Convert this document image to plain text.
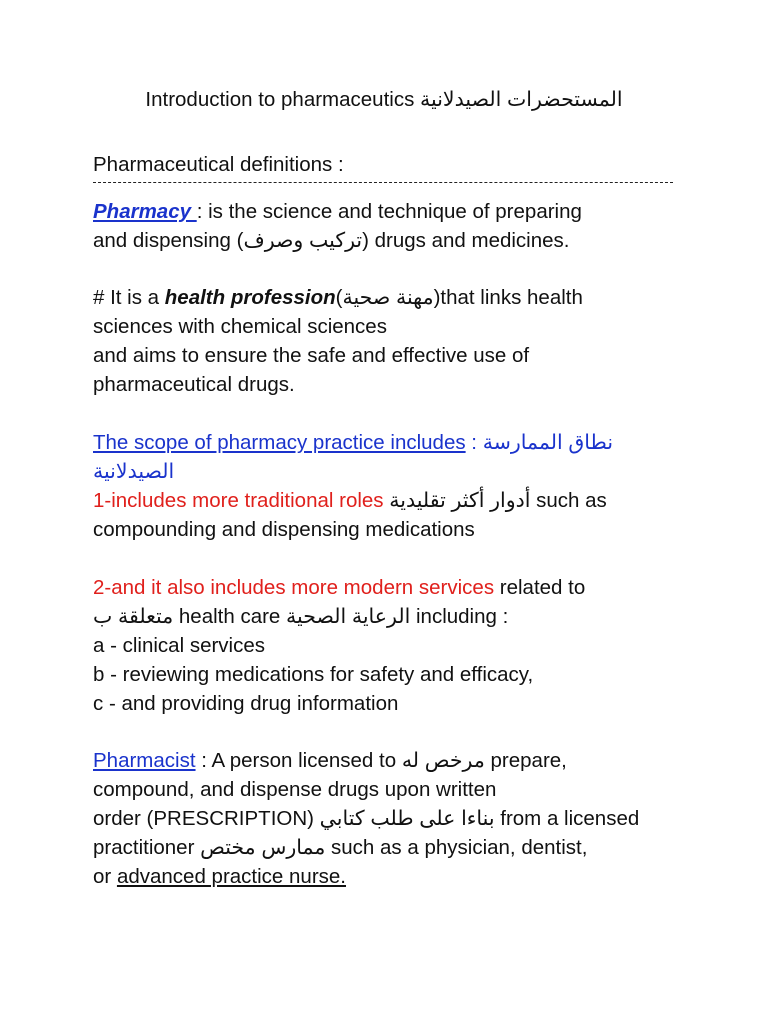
Introduction to pharmaceutics المستحضرات الصيدلانية
Pharmaceutical definitions :
Pharmacy : is the science and technique of preparing
and dispensing (تركيب وصرف) drugs and medicines.
# It is a health profession(مهنة صحية)that links health
sciences with chemical sciences
and aims to ensure the safe and effective use of
pharmaceutical drugs.
The scope of pharmacy practice includes : نطاق الممارسة
الصيدلانية
1-includes more traditional roles أدوار أكثر تقليدية such as
compounding and dispensing medications
2-and it also includes more modern services related to
متعلقة ب health care الرعاية الصحية including :
a - clinical services
b - reviewing medications for safety and efficacy,
c - and providing drug information
Pharmacist : A person licensed to مرخص له prepare,
compound, and dispense drugs upon written
order (PRESCRIPTION) بناءا على طلب كتابي from a licensed
practitioner ممارس مختص such as a physician, dentist,
or advanced practice nurse.
